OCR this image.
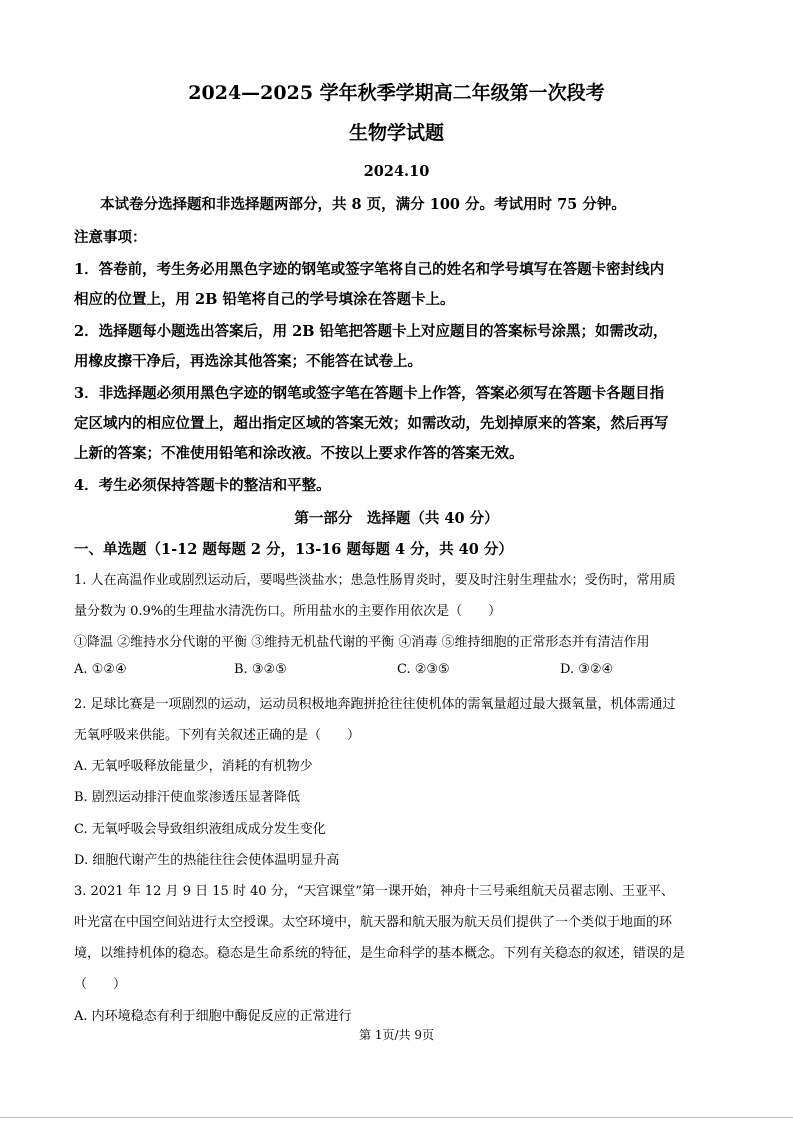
2024—2025 学年秋季学期高二年级第一次段考
生物学试题
2024.10
本试卷分选择题和非选择题两部分，共 8 页，满分 100 分。考试用时 75 分钟。
注意事项：
1．答卷前，考生务必用黑色字迹的钢笔或签字笔将自己的姓名和学号填写在答题卡密封线内
相应的位置上，用 2B 铅笔将自己的学号填涂在答题卡上。
2．选择题每小题选出答案后，用 2B 铅笔把答题卡上对应题目的答案标号涂黑；如需改动，
用橡皮擦干净后，再选涂其他答案；不能答在试卷上。
3．非选择题必须用黑色字迹的钢笔或签字笔在答题卡上作答，答案必须写在答题卡各题目指
定区域内的相应位置上，超出指定区域的答案无效；如需改动，先划掉原来的答案，然后再写
上新的答案；不准使用铅笔和涂改液。不按以上要求作答的答案无效。
4．考生必须保持答题卡的整洁和平整。
第一部分　选择题（共 40 分）
一、单选题（1-12 题每题 2 分，13-16 题每题 4 分，共 40 分）
1. 人在高温作业或剧烈运动后，要喝些淡盐水；患急性肠胃炎时，要及时注射生理盐水；受伤时，常用质
量分数为 0.9%的生理盐水清洗伤口。所用盐水的主要作用依次是（　　）
①降温 ②维持水分代谢的平衡 ③维持无机盐代谢的平衡 ④消毒 ⑤维持细胞的正常形态并有清洁作用
A. ①②④	B. ③②⑤	C. ②③⑤	D. ③②④
2. 足球比赛是一项剧烈的运动，运动员积极地奔跑拼抢往往使机体的需氧量超过最大摄氧量，机体需通过
无氧呼吸来供能。下列有关叙述正确的是（　　）
A. 无氧呼吸释放能量少，消耗的有机物少
B. 剧烈运动排汗使血浆渗透压显著降低
C. 无氧呼吸会导致组织液组成成分发生变化
D. 细胞代谢产生的热能往往会使体温明显升高
3. 2021 年 12 月 9 日 15 时 40 分，“天宫课堂”第一课开始，神舟十三号乘组航天员翟志刚、王亚平、
叶光富在中国空间站进行太空授课。太空环境中，航天器和航天服为航天员们提供了一个类似于地面的环
境，以维持机体的稳态。稳态是生命系统的特征，是生命科学的基本概念。下列有关稳态的叙述，错误的是
（　　）
A. 内环境稳态有利于细胞中酶促反应的正常进行
第 1页/共 9页
